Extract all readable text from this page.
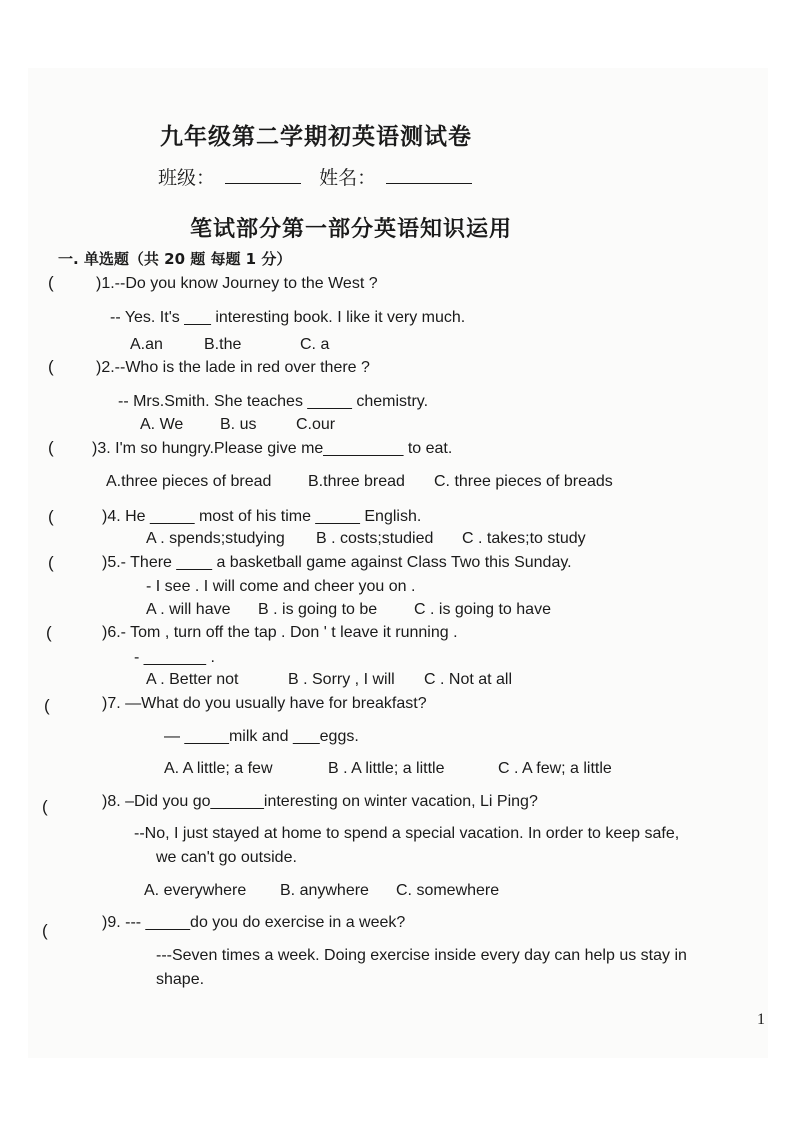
九年级第二学期初英语测试卷
班级：	姓名：
笔试部分第一部分英语知识运用
一. 单选题（共 20 题 每题 1 分）
(	)1.--Do you know Journey to the West ?
-- Yes. It's ___ interesting book. I like it very much.
A.an	B.the	C. a
(	)2.--Who is the lade in red over there ?
-- Mrs.Smith. She teaches _____ chemistry.
A. We B. us C.our
( )3. I'm so hungry.Please give me_________ to eat.
A.three pieces of bread B.three bread C. three pieces of breads
(	)4. He _____ most of his time _____ English.
A . spends;studying B . costs;studied C . takes;to study
(	)5.- There ____ a basketball game against Class Two this Sunday.
- I see . I will come and cheer you on .
A . will have B . is going to be C . is going to have
(	)6.- Tom , turn off the tap . Don ' t leave it running .
- _______ .
A . Better not	B . Sorry , I will C . Not at all
(	)7. —What do you usually have for breakfast?
— _____milk and ___eggs.
A. A little; a few	B . A little; a little	C . A few; a little
(	)8. –Did you go______interesting on winter vacation, Li Ping?
--No, I just stayed at home to spend a special vacation. In order to keep safe,
we can't go outside.
A. everywhere B. anywhere C. somewhere
(	)9. --- _____do you do exercise in a week?
---Seven times a week. Doing exercise inside every day can help us stay in
shape.
1
